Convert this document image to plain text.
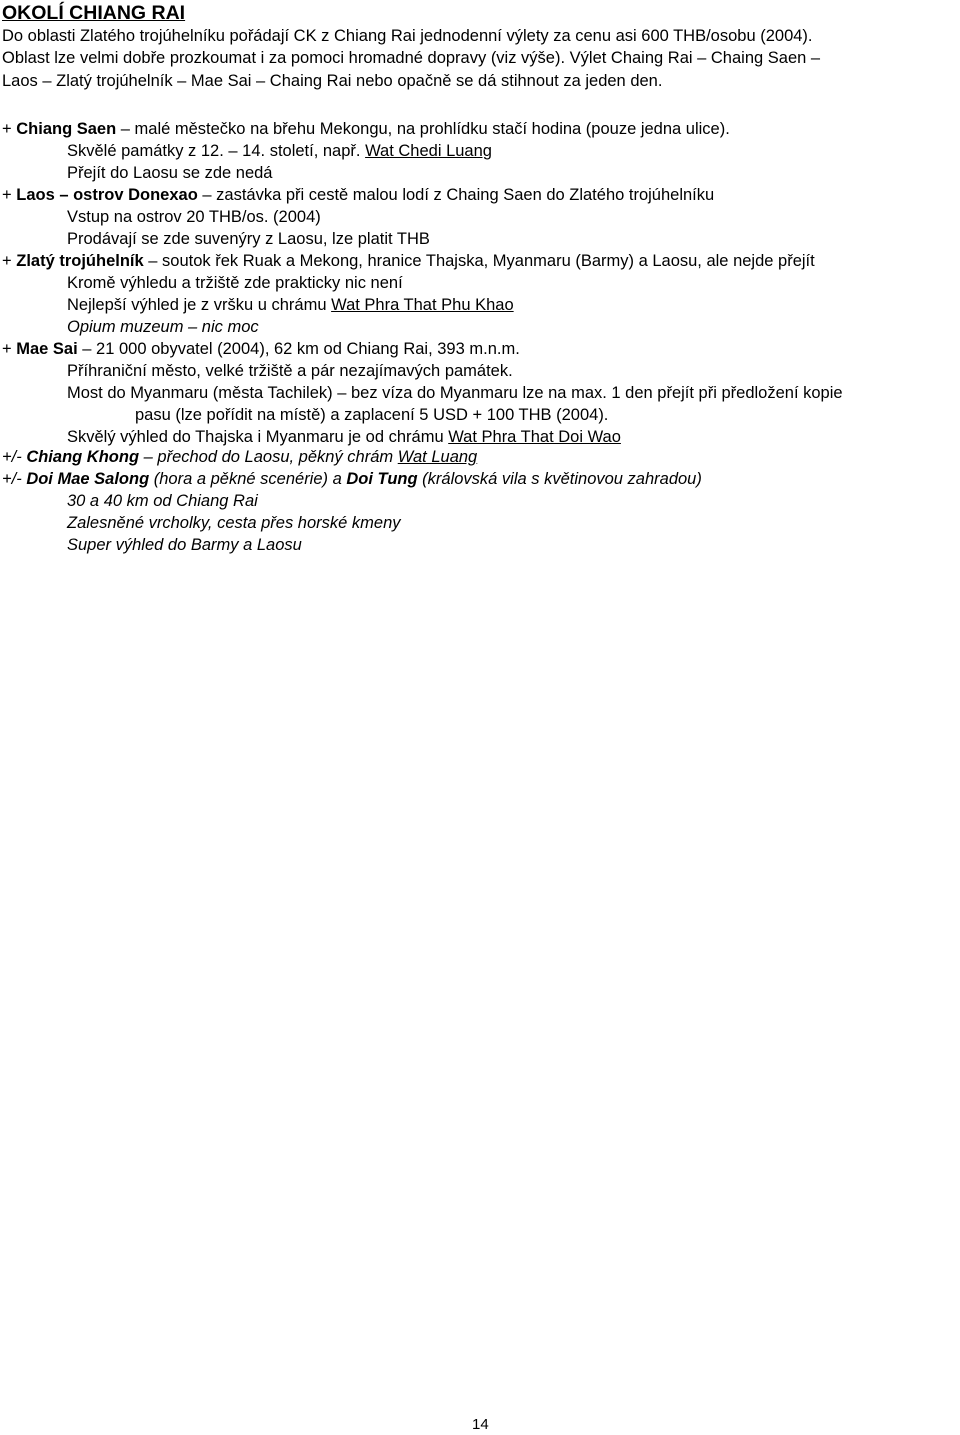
OKOLÍ CHIANG RAI
Do oblasti Zlatého trojúhelníku pořádají CK z Chiang Rai jednodenní výlety za cenu asi 600 THB/osobu (2004).
Oblast lze velmi dobře prozkoumat i za pomoci hromadné dopravy (viz výše). Výlet Chaing Rai – Chaing Saen –
Laos – Zlatý trojúhelník – Mae Sai – Chaing Rai nebo opačně se dá stihnout za jeden den.
+ Chiang Saen – malé městečko na břehu Mekongu, na prohlídku stačí hodina (pouze jedna ulice).
Skvělé památky z 12. – 14. století, např. Wat Chedi Luang
Přejít do Laosu se zde nedá
+ Laos – ostrov Donexao – zastávka při cestě malou lodí z Chaing Saen do Zlatého trojúhelníku
Vstup na ostrov 20 THB/os. (2004)
Prodávají se zde suvenýry z Laosu, lze platit THB
+ Zlatý trojúhelník – soutok řek Ruak a Mekong, hranice Thajska, Myanmaru (Barmy) a Laosu, ale nejde přejít
Kromě výhledu a tržiště zde prakticky nic není
Nejlepší výhled je z vršku u chrámu Wat Phra That Phu Khao
Opium muzeum – nic moc
+ Mae Sai – 21 000 obyvatel (2004), 62 km od Chiang Rai, 393 m.n.m.
Příhraniční město, velké tržiště a pár nezajímavých památek.
Most do Myanmaru (města Tachilek) – bez víza do Myanmaru lze na max. 1 den přejít při předložení kopie
pasu (lze pořídit na místě) a zaplacení 5 USD + 100 THB (2004).
Skvělý výhled do Thajska i Myanmaru je od chrámu Wat Phra That Doi Wao
+/- Chiang Khong – přechod do Laosu, pěkný chrám Wat Luang
+/- Doi Mae Salong (hora a pěkné scenérie) a Doi Tung (královská vila s květinovou zahradou)
30 a 40 km od Chiang Rai
Zalesněné vrcholky, cesta přes horské kmeny
Super výhled do Barmy a Laosu
14
